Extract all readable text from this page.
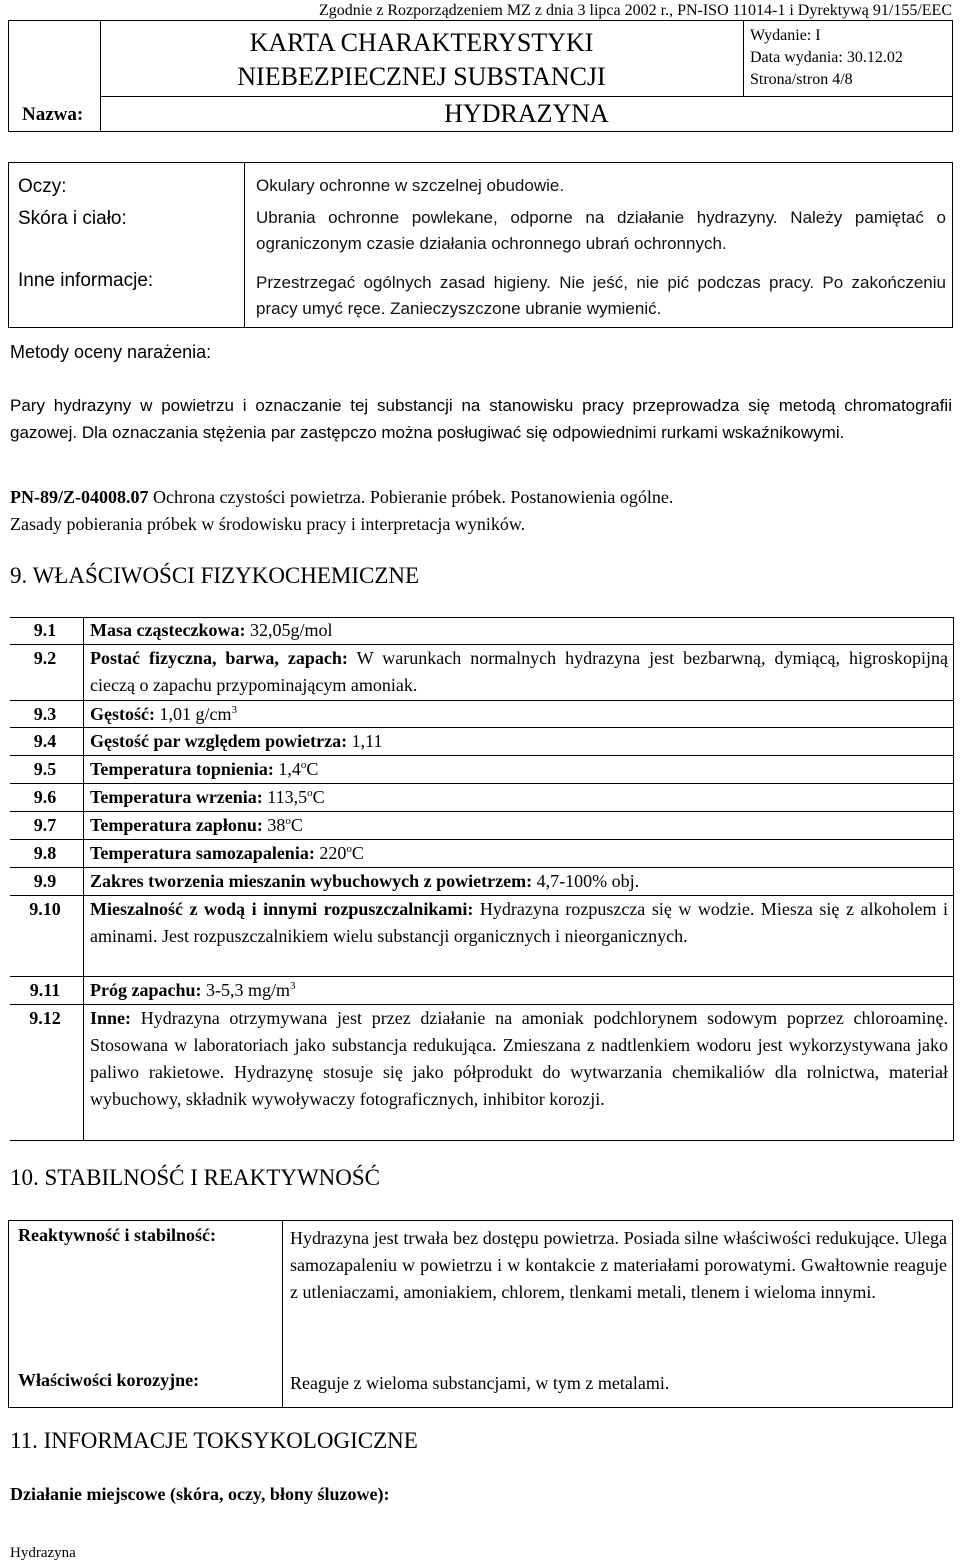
Zgodnie z Rozporządzeniem MZ z dnia 3 lipca 2002 r., PN-ISO 11014-1 i Dyrektywą 91/155/EEC
KARTA CHARAKTERYSTYKI
NIEBEZPIECZNEJ SUBSTANCJI
HYDRAZYNA
Nazwa:
Wydanie: I
Data wydania: 30.12.02
Strona/stron 4/8
Oczy:	Okulary ochronne w szczelnej obudowie.
Skóra i ciało:	Ubrania ochronne powlekane, odporne na działanie hydrazyny. Należy pamiętać o ograniczonym czasie działania ochronnego ubrań ochronnych.
Inne informacje:	Przestrzegać ogólnych zasad higieny. Nie jeść, nie pić podczas pracy. Po zakończeniu pracy umyć ręce. Zanieczyszczone ubranie wymienić.
Metody oceny narażenia:
Pary hydrazyny w powietrzu i oznaczanie tej substancji na stanowisku pracy przeprowadza się metodą chromatografii gazowej. Dla oznaczania stężenia par zastępczo można posługiwać się odpowiednimi rurkami wskaźnikowymi.
PN-89/Z-04008.07 Ochrona czystości powietrza. Pobieranie próbek. Postanowienia ogólne.
Zasady pobierania próbek w środowisku pracy i interpretacja wyników.
9. WŁAŚCIWOŚCI FIZYKOCHEMICZNE
9.1	Masa cząsteczkowa: 32,05g/mol
9.2	Postać fizyczna, barwa, zapach: W warunkach normalnych hydrazyna jest bezbarwną, dymiącą, higroskopijną cieczą o zapachu przypominającym amoniak.
9.3	Gęstość: 1,01 $g/cm^3$
9.4	Gęstość par względem powietrza: 1,11
9.5	Temperatura topnienia: 1,4$^o$C
9.6	Temperatura wrzenia: 113,5$^o$C
9.7	Temperatura zapłonu: 38$^o$C
9.8	Temperatura samozapalenia: 220$^o$C
9.9	Zakres tworzenia mieszanin wybuchowych z powietrzem: 4,7-100% obj.
9.10	Mieszalność z wodą i innymi rozpuszczalnikami: Hydrazyna rozpuszcza się w wodzie. Miesza się z alkoholem i aminami. Jest rozpuszczalnikiem wielu substancji organicznych i nieorganicznych.
9.11	Próg zapachu: 3-5,3 $mg/m^3$
9.12	Inne: Hydrazyna otrzymywana jest przez działanie na amoniak podchlorynem sodowym poprzez chloroaminę. Stosowana w laboratoriach jako substancja redukująca. Zmieszana z nadtlenkiem wodoru jest wykorzystywana jako paliwo rakietowe. Hydrazynę stosuje się jako półprodukt do wytwarzania chemikaliów dla rolnictwa, materiał wybuchowy, składnik wywoływaczy fotograficznych, inhibitor korozji.
10. STABILNOŚĆ I REAKTYWNOŚĆ
Reaktywność i stabilność:	Hydrazyna jest trwała bez dostępu powietrza. Posiada silne właściwości redukujące. Ulega samozapaleniu w powietrzu i w kontakcie z materiałami porowatymi. Gwałtownie reaguje z utleniaczami, amoniakiem, chlorem, tlenkami metali, tlenem i wieloma innymi.
Właściwości korozyjne:	Reaguje z wieloma substancjami, w tym z metalami.
11. INFORMACJE TOKSYKOLOGICZNE
Działanie miejscowe (skóra, oczy, błony śluzowe):
Hydrazyna
